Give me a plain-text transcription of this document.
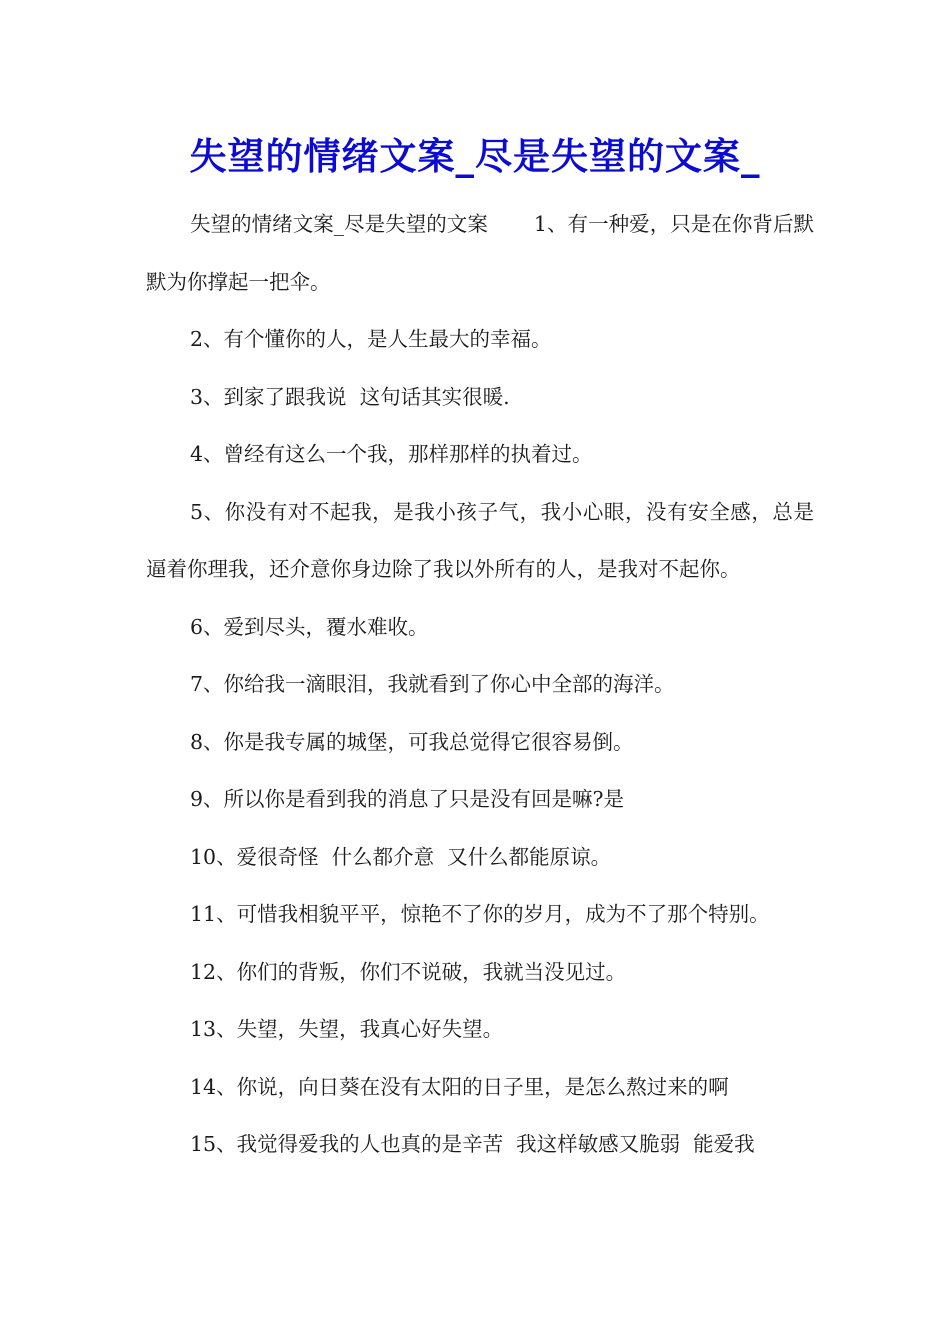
失望的情绪文案_尽是失望的文案_

失望的情绪文案_尽是失望的文案 1、有一种爱，只是在你背后默默为你撑起一把伞。

2、有个懂你的人，是人生最大的幸福。

3、到家了跟我说  这句话其实很暖.

4、曾经有这么一个我，那样那样的执着过。

5、你没有对不起我，是我小孩子气，我小心眼，没有安全感，总是逼着你理我，还介意你身边除了我以外所有的人，是我对不起你。

6、爱到尽头，覆水难收。

7、你给我一滴眼泪，我就看到了你心中全部的海洋。

8、你是我专属的城堡，可我总觉得它很容易倒。

9、所以你是看到我的消息了只是没有回是嘛?是

10、爱很奇怪  什么都介意  又什么都能原谅。

11、可惜我相貌平平，惊艳不了你的岁月，成为不了那个特别。

12、你们的背叛，你们不说破，我就当没见过。

13、失望，失望，我真心好失望。

14、你说，向日葵在没有太阳的日子里，是怎么熬过来的啊

15、我觉得爱我的人也真的是辛苦  我这样敏感又脆弱  能爱我
